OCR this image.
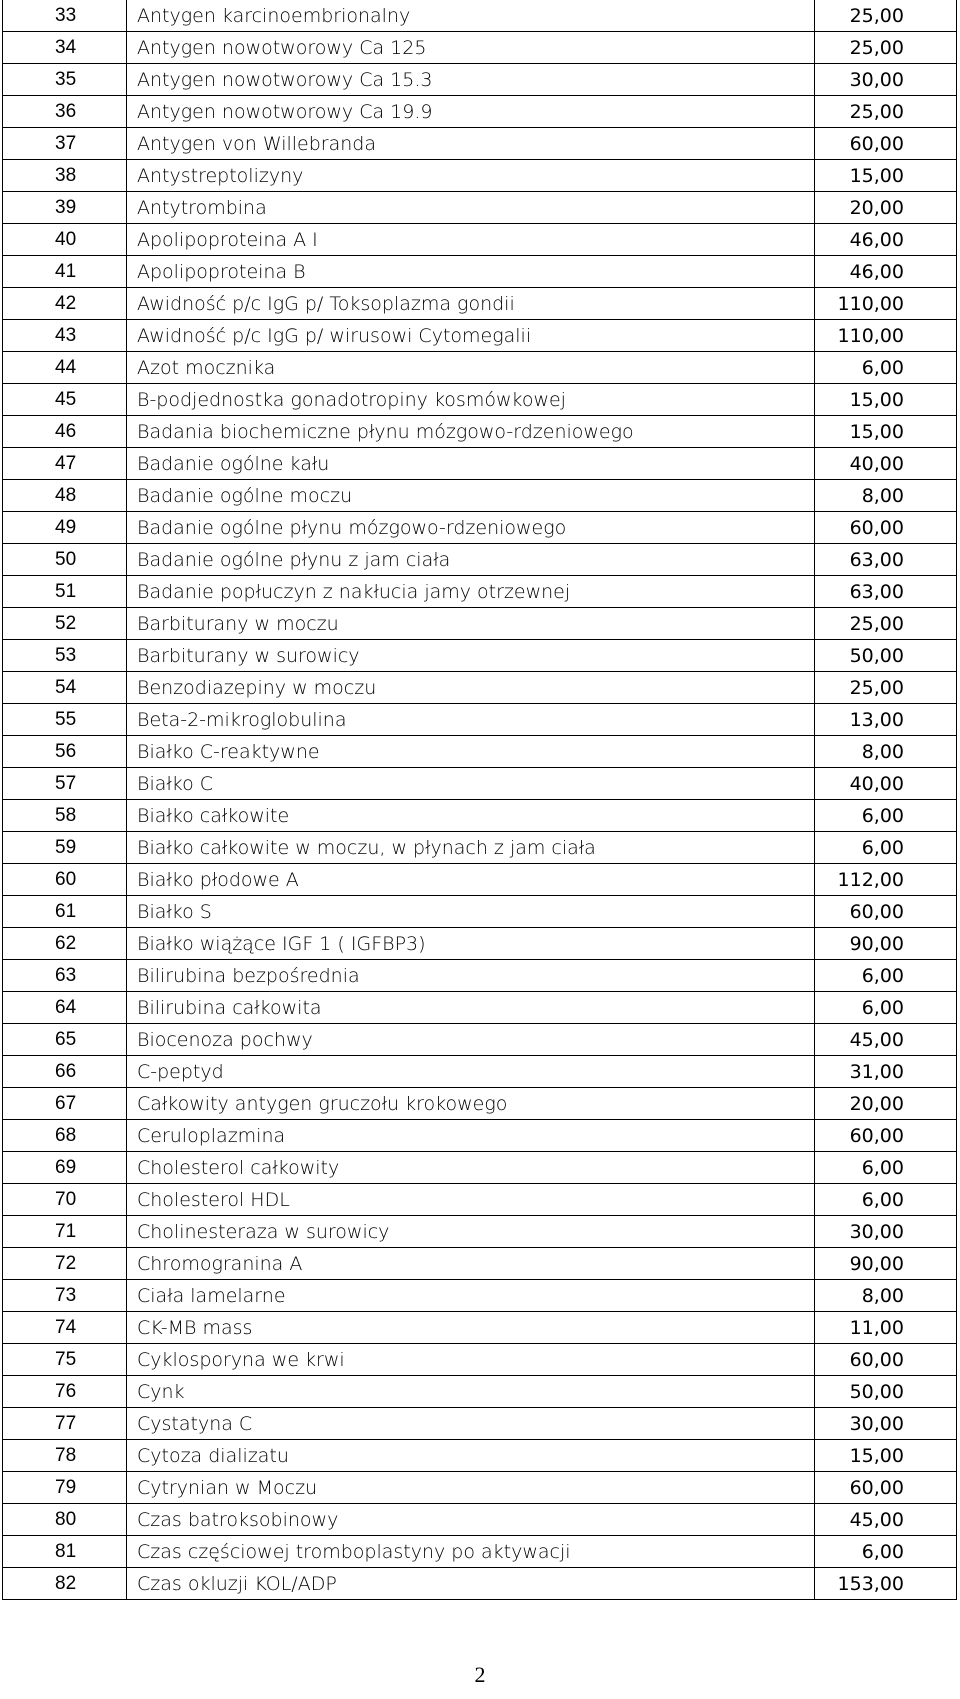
33	Antygen karcinoembrionalny	25,00
34	Antygen nowotworowy Ca 125	25,00
35	Antygen nowotworowy Ca 15.3	30,00
36	Antygen nowotworowy Ca 19.9	25,00
37	Antygen von Willebranda	60,00
38	Antystreptolizyny	15,00
39	Antytrombina	20,00
40	Apolipoproteina A I	46,00
41	Apolipoproteina B	46,00
42	Awidność p/c IgG p/ Toksoplazma gondii	110,00
43	Awidność p/c IgG p/ wirusowi Cytomegalii	110,00
44	Azot mocznika	6,00
45	B-podjednostka gonadotropiny kosmówkowej	15,00
46	Badania biochemiczne płynu mózgowo-rdzeniowego	15,00
47	Badanie ogólne kału	40,00
48	Badanie ogólne moczu	8,00
49	Badanie ogólne płynu mózgowo-rdzeniowego	60,00
50	Badanie ogólne płynu z jam ciała	63,00
51	Badanie popłuczyn z nakłucia jamy otrzewnej	63,00
52	Barbiturany w moczu	25,00
53	Barbiturany w surowicy	50,00
54	Benzodiazepiny w moczu	25,00
55	Beta-2-mikroglobulina	13,00
56	Białko C-reaktywne	8,00
57	Białko C	40,00
58	Białko całkowite	6,00
59	Białko całkowite w moczu, w płynach z jam ciała	6,00
60	Białko płodowe A	112,00
61	Białko S	60,00
62	Białko wiążące IGF 1 ( IGFBP3)	90,00
63	Bilirubina bezpośrednia	6,00
64	Bilirubina całkowita	6,00
65	Biocenoza pochwy	45,00
66	C-peptyd	31,00
67	Całkowity antygen gruczołu krokowego	20,00
68	Ceruloplazmina	60,00
69	Cholesterol całkowity	6,00
70	Cholesterol HDL	6,00
71	Cholinesteraza w surowicy	30,00
72	Chromogranina A	90,00
73	Ciała lamelarne	8,00
74	CK-MB mass	11,00
75	Cyklosporyna we krwi	60,00
76	Cynk	50,00
77	Cystatyna C	30,00
78	Cytoza dializatu	15,00
79	Cytrynian w Moczu	60,00
80	Czas batroksobinowy	45,00
81	Czas częściowej tromboplastyny po aktywacji	6,00
82	Czas okluzji KOL/ADP	153,00
2
